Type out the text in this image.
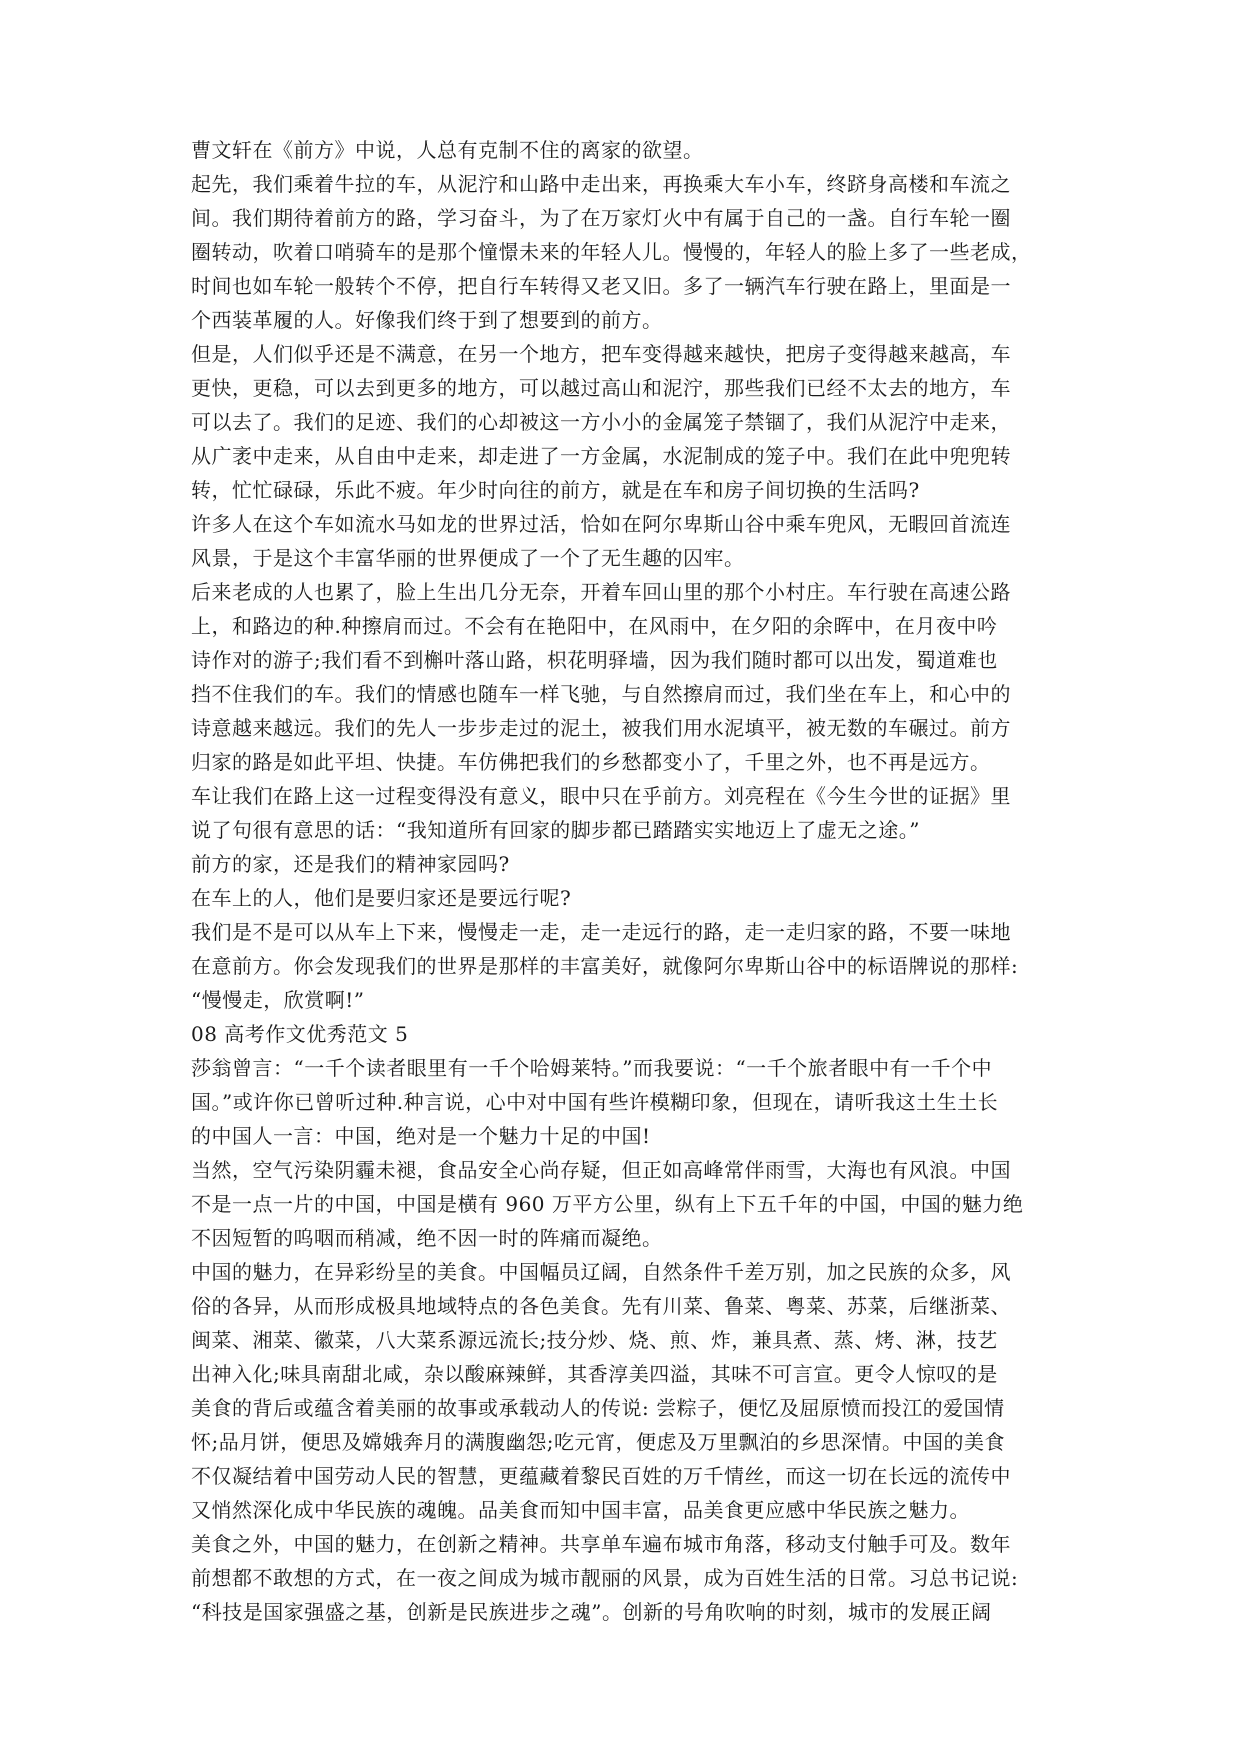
曹文轩在《前方》中说，人总有克制不住的离家的欲望。
起先，我们乘着牛拉的车，从泥泞和山路中走出来，再换乘大车小车，终跻身高楼和车流之
间。我们期待着前方的路，学习奋斗，为了在万家灯火中有属于自己的一盏。自行车轮一圈
圈转动，吹着口哨骑车的是那个憧憬未来的年轻人儿。慢慢的，年轻人的脸上多了一些老成，
时间也如车轮一般转个不停，把自行车转得又老又旧。多了一辆汽车行驶在路上，里面是一
个西装革履的人。好像我们终于到了想要到的前方。
但是，人们似乎还是不满意，在另一个地方，把车变得越来越快，把房子变得越来越高，车
更快，更稳，可以去到更多的地方，可以越过高山和泥泞，那些我们已经不太去的地方，车
可以去了。我们的足迹、我们的心却被这一方小小的金属笼子禁锢了，我们从泥泞中走来，
从广袤中走来，从自由中走来，却走进了一方金属，水泥制成的笼子中。我们在此中兜兜转
转，忙忙碌碌，乐此不疲。年少时向往的前方，就是在车和房子间切换的生活吗?
许多人在这个车如流水马如龙的世界过活，恰如在阿尔卑斯山谷中乘车兜风，无暇回首流连
风景，于是这个丰富华丽的世界便成了一个了无生趣的囚牢。
后来老成的人也累了，脸上生出几分无奈，开着车回山里的那个小村庄。车行驶在高速公路
上，和路边的种.种擦肩而过。不会有在艳阳中，在风雨中，在夕阳的余晖中，在月夜中吟
诗作对的游子;我们看不到槲叶落山路，枳花明驿墙，因为我们随时都可以出发，蜀道难也
挡不住我们的车。我们的情感也随车一样飞驰，与自然擦肩而过，我们坐在车上，和心中的
诗意越来越远。我们的先人一步步走过的泥土，被我们用水泥填平，被无数的车碾过。前方
归家的路是如此平坦、快捷。车仿佛把我们的乡愁都变小了，千里之外，也不再是远方。
车让我们在路上这一过程变得没有意义，眼中只在乎前方。刘亮程在《今生今世的证据》里
说了句很有意思的话：“我知道所有回家的脚步都已踏踏实实地迈上了虚无之途。”
前方的家，还是我们的精神家园吗?
在车上的人，他们是要归家还是要远行呢?
我们是不是可以从车上下来，慢慢走一走，走一走远行的路，走一走归家的路，不要一味地
在意前方。你会发现我们的世界是那样的丰富美好，就像阿尔卑斯山谷中的标语牌说的那样:
“慢慢走，欣赏啊!”
08 高考作文优秀范文 5
莎翁曾言：“一千个读者眼里有一千个哈姆莱特。”而我要说：“一千个旅者眼中有一千个中
国。”或许你已曾听过种.种言说，心中对中国有些许模糊印象，但现在，请听我这土生土长
的中国人一言：中国，绝对是一个魅力十足的中国!
当然，空气污染阴霾未褪，食品安全心尚存疑，但正如高峰常伴雨雪，大海也有风浪。中国
不是一点一片的中国，中国是横有 960 万平方公里，纵有上下五千年的中国，中国的魅力绝
不因短暂的呜咽而稍减，绝不因一时的阵痛而凝绝。
中国的魅力，在异彩纷呈的美食。中国幅员辽阔，自然条件千差万别，加之民族的众多，风
俗的各异，从而形成极具地域特点的各色美食。先有川菜、鲁菜、粤菜、苏菜，后继浙菜、
闽菜、湘菜、徽菜，八大菜系源远流长;技分炒、烧、煎、炸，兼具煮、蒸、烤、淋，技艺
出神入化;味具南甜北咸，杂以酸麻辣鲜，其香淳美四溢，其味不可言宣。更令人惊叹的是
美食的背后或蕴含着美丽的故事或承载动人的传说: 尝粽子，便忆及屈原愤而投江的爱国情
怀;品月饼，便思及嫦娥奔月的满腹幽怨;吃元宵，便虑及万里飘泊的乡思深情。中国的美食
不仅凝结着中国劳动人民的智慧，更蕴藏着黎民百姓的万千情丝，而这一切在长远的流传中
又悄然深化成中华民族的魂魄。品美食而知中国丰富，品美食更应感中华民族之魅力。
美食之外，中国的魅力，在创新之精神。共享单车遍布城市角落，移动支付触手可及。数年
前想都不敢想的方式，在一夜之间成为城市靓丽的风景，成为百姓生活的日常。习总书记说:
“科技是国家强盛之基，创新是民族进步之魂”。创新的号角吹响的时刻，城市的发展正阔
